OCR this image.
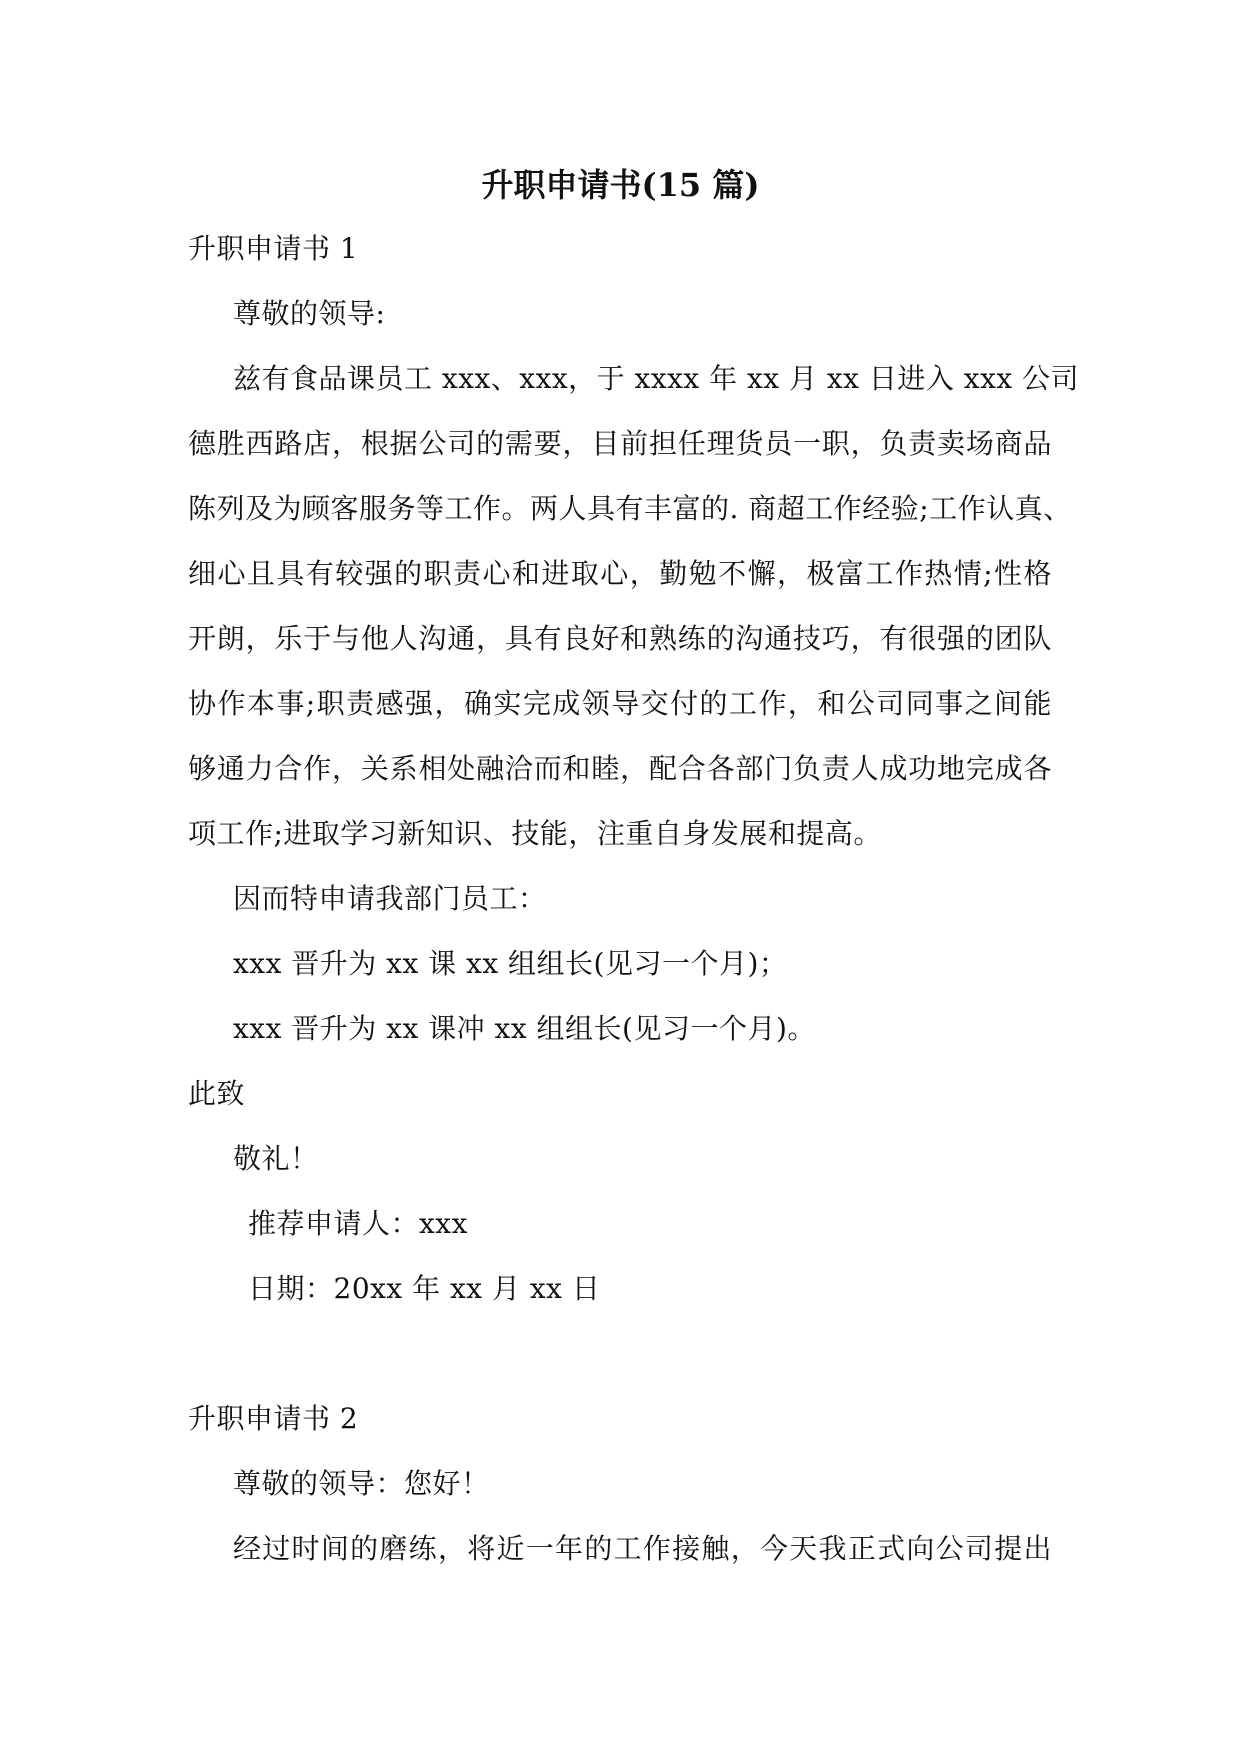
升职申请书(15 篇)
升职申请书 1
尊敬的领导:
兹有食品课员工 xxx、xxx，于 xxxx 年 xx 月 xx 日进入 xxx 公司
德胜西路店，根据公司的需要，目前担任理货员一职，负责卖场商品
陈列及为顾客服务等工作。两人具有丰富的. 商超工作经验;工作认真、
细心且具有较强的职责心和进取心，勤勉不懈，极富工作热情;性格
开朗，乐于与他人沟通，具有良好和熟练的沟通技巧，有很强的团队
协作本事;职责感强，确实完成领导交付的工作，和公司同事之间能
够通力合作，关系相处融洽而和睦，配合各部门负责人成功地完成各
项工作;进取学习新知识、技能，注重自身发展和提高。
因而特申请我部门员工：
xxx 晋升为 xx 课 xx 组组长(见习一个月)；
xxx 晋升为 xx 课冲 xx 组组长(见习一个月)。
此致
敬礼！
推荐申请人：xxx
日期：20xx 年 xx 月 xx 日
升职申请书 2
尊敬的领导：您好！
经过时间的磨练，将近一年的工作接触，今天我正式向公司提出
